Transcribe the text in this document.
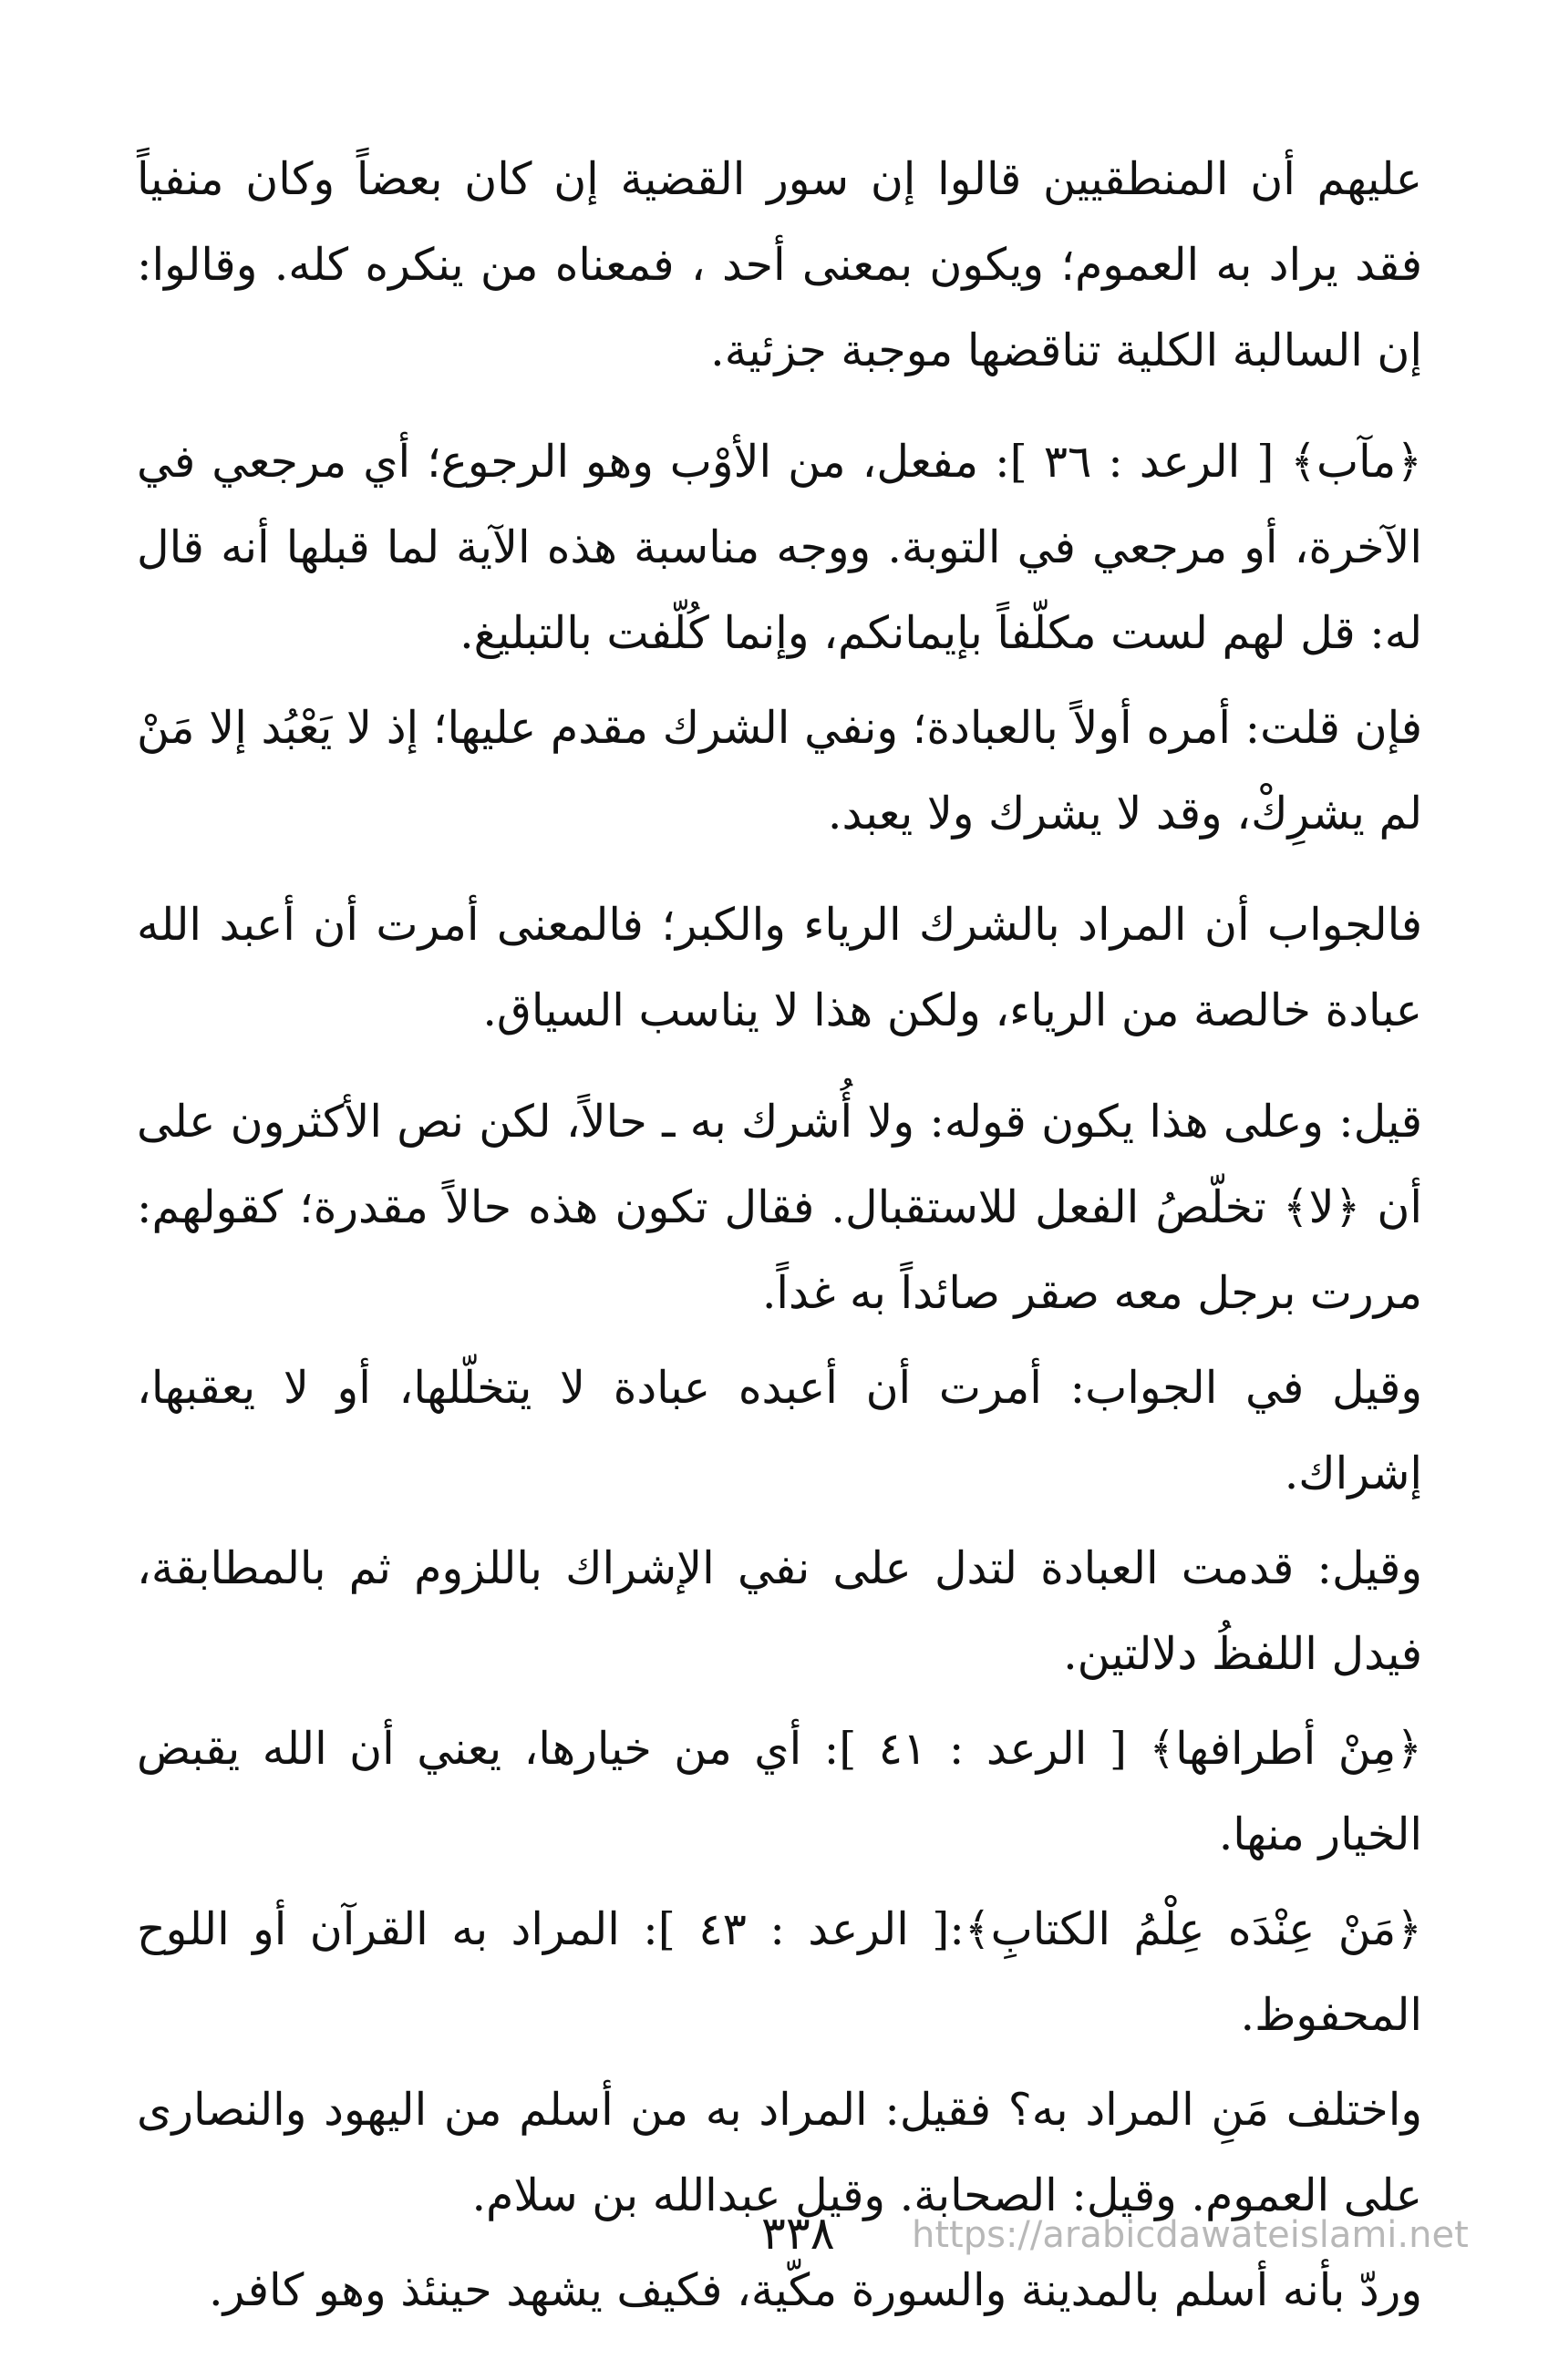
عليهم أن المنطقيين قالوا إن سور القضية إن كان بعضاً وكان منفياً فقد يراد به العموم؛ ويكون بمعنى أحد ، فمعناه من ينكره كله. وقالوا: إن السالبة الكلية تناقضها موجبة جزئية.

﴿مآب﴾ [ الرعد : ٣٦ ]: مفعل، من الأوْب وهو الرجوع؛ أي مرجعي في الآخرة، أو مرجعي في التوبة. ووجه مناسبة هذه الآية لما قبلها أنه قال له: قل لهم لست مكلّفاً بإيمانكم، وإنما كُلّفت بالتبليغ.

فإن قلت: أمره أولاً بالعبادة؛ ونفي الشرك مقدم عليها؛ إذ لا يَعْبُد إلا مَنْ لم يشرِكْ، وقد لا يشرك ولا يعبد.

فالجواب أن المراد بالشرك الرياء والكبر؛ فالمعنى أمرت أن أعبد الله عبادة خالصة من الرياء، ولكن هذا لا يناسب السياق.

قيل: وعلى هذا يكون قوله: ولا أُشرك به ـ حالاً، لكن نص الأكثرون على أن ﴿لا﴾ تخلّصُ الفعل للاستقبال. فقال تكون هذه حالاً مقدرة؛ كقولهم: مررت برجل معه صقر صائداً به غداً.

وقيل في الجواب: أمرت أن أعبده عبادة لا يتخلّلها، أو لا يعقبها، إشراك.

وقيل: قدمت العبادة لتدل على نفي الإشراك باللزوم ثم بالمطابقة، فيدل اللفظُ دلالتين.

﴿مِنْ أطرافها﴾ [ الرعد : ٤١ ]: أي من خيارها، يعني أن الله يقبض الخيار منها.

﴿مَنْ عِنْدَه عِلْمُ الكتابِ﴾:[ الرعد : ٤٣ ]: المراد به القرآن أو اللوح المحفوظ.

واختلف مَنِ المراد به؟ فقيل: المراد به من أسلم من اليهود والنصارى على العموم. وقيل: الصحابة. وقيل عبدالله بن سلام.

وردّ بأنه أسلم بالمدينة والسورة مكّية، فكيف يشهد حينئذ وهو كافر.

٣٣٨ https://arabicdawateislami.net
